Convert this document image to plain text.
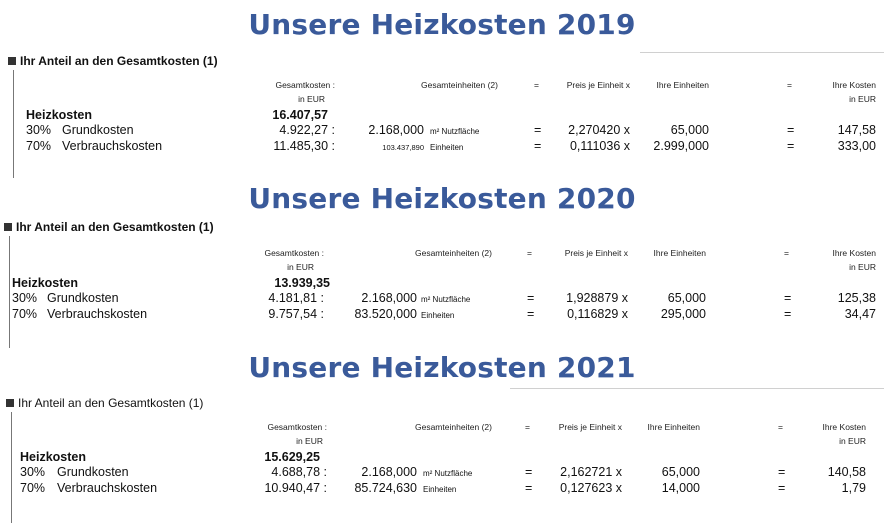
Unsere Heizkosten 2019
Ihr Anteil an den Gesamtkosten (1)
Gesamtkosten :
in EUR
Gesamteinheiten (2)	=	Preis je Einheit x	Ihre Einheiten	=	Ihre Kosten
in EUR
Heizkosten	16.407,57
30% Grundkosten	4.922,27 :	2.168,000 m² Nutzfläche	= 2,270420 x	65,000	=	147,58
70% Verbrauchskosten	11.485,30 :	103.437,890 Einheiten	= 0,111036 x 2.999,000	=	333,00
Unsere Heizkosten 2020
Ihr Anteil an den Gesamtkosten (1)
Gesamtkosten :
in EUR
Gesamteinheiten (2)	=	Preis je Einheit x	Ihre Einheiten	=	Ihre Kosten
in EUR
Heizkosten	13.939,35
30% Grundkosten	4.181,81 :	2.168,000 m² Nutzfläche	=	1,928879 x	65,000	=	125,38
70% Verbrauchskosten	9.757,54 : 83.520,000 Einheiten	=	0,116829 x	295,000	=	34,47
Unsere Heizkosten 2021
Ihr Anteil an den Gesamtkosten (1)
Gesamtkosten :
in EUR
Gesamteinheiten (2)	=	Preis je Einheit x	Ihre Einheiten	=	Ihre Kosten
in EUR
Heizkosten	15.629,25
30% Grundkosten	4.688,78 :	2.168,000 m² Nutzfläche	= 2,162721 x	65,000	=	140,58
70% Verbrauchskosten	10.940,47 : 85.724,630 Einheiten	= 0,127623 x	14,000	=	1,79
